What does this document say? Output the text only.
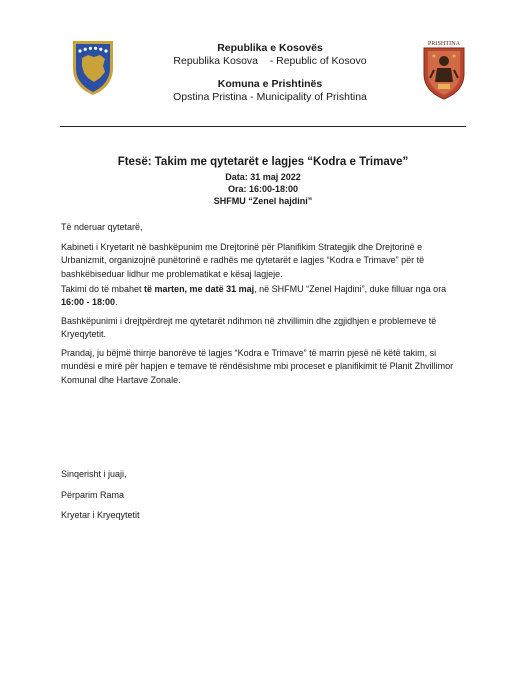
Republika e Kosovës
Republika Kosova    - Republic of Kosovo
Komuna e Prishtinës
Opstina Pristina - Municipality of Prishtina
PRISHTINA
Ftesë: Takim me qytetarët e lagjes “Kodra e Trimave”
Data: 31 maj 2022
Ora: 16:00-18:00
SHFMU “Zenel hajdini”

Të nderuar qytetarë,

Kabineti i Kryetarit në bashkëpunim me Drejtorinë për Planifikim Strategjik dhe Drejtorinë e Urbanizmit, organizojnë punëtorinë e radhës me qytetarët e lagjes “Kodra e Trimave” për të bashkëbiseduar lidhur me problematikat e kësaj lagjeje.

Takimi do të mbahet të marten, me datë 31 maj, në SHFMU “Zenel Hajdini”, duke filluar nga ora 16:00 - 18:00.

Bashkëpunimi i drejtpërdrejt me qytetarët ndihmon në zhvillimin dhe zgjidhjen e problemeve të Kryeqytetit.

Prandaj, ju bëjmë thirrje banorëve të lagjes “Kodra e Trimave” të marrin pjesë në këtë takim, si mundësi e mirë për hapjen e temave të rëndësishme mbi proceset e planifikimit të Planit Zhvillimor Komunal dhe Hartave Zonale.

Sinqerisht i juaji,

Përparim Rama

Kryetar i Kryeqytetit
